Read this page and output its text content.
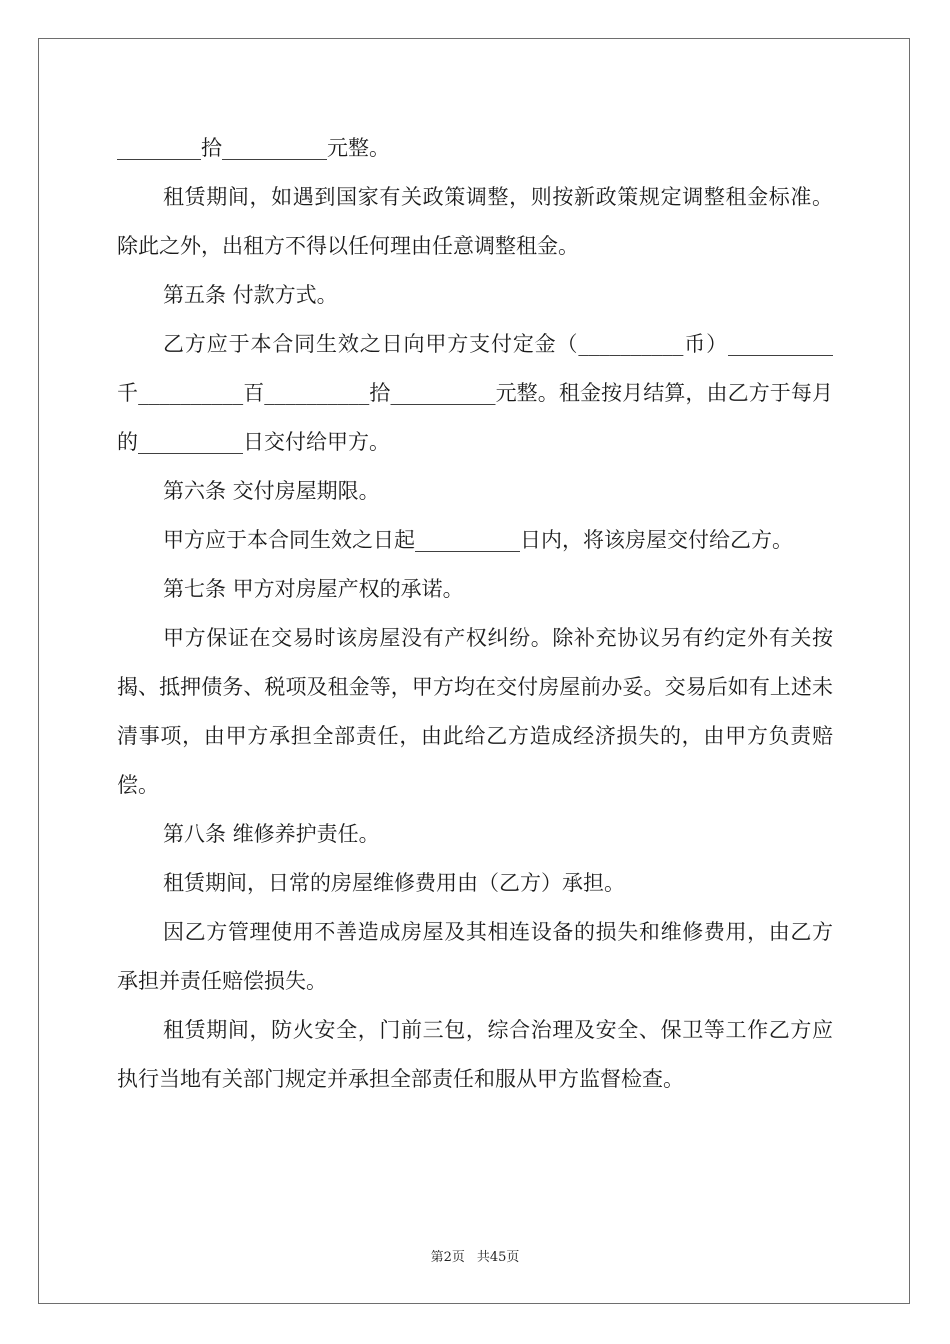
________拾__________元整。

租赁期间，如遇到国家有关政策调整，则按新政策规定调整租金标准。除此之外，出租方不得以任何理由任意调整租金。

第五条 付款方式。

乙方应于本合同生效之日向甲方支付定金（__________币）__________千__________百__________拾__________元整。租金按月结算，由乙方于每月的__________日交付给甲方。

第六条 交付房屋期限。

甲方应于本合同生效之日起__________日内，将该房屋交付给乙方。

第七条 甲方对房屋产权的承诺。

甲方保证在交易时该房屋没有产权纠纷。除补充协议另有约定外有关按揭、抵押债务、税项及租金等，甲方均在交付房屋前办妥。交易后如有上述未清事项，由甲方承担全部责任，由此给乙方造成经济损失的，由甲方负责赔偿。

第八条 维修养护责任。

租赁期间，日常的房屋维修费用由（乙方）承担。

因乙方管理使用不善造成房屋及其相连设备的损失和维修费用，由乙方承担并责任赔偿损失。

租赁期间，防火安全，门前三包，综合治理及安全、保卫等工作乙方应执行当地有关部门规定并承担全部责任和服从甲方监督检查。

第2页 共45页
